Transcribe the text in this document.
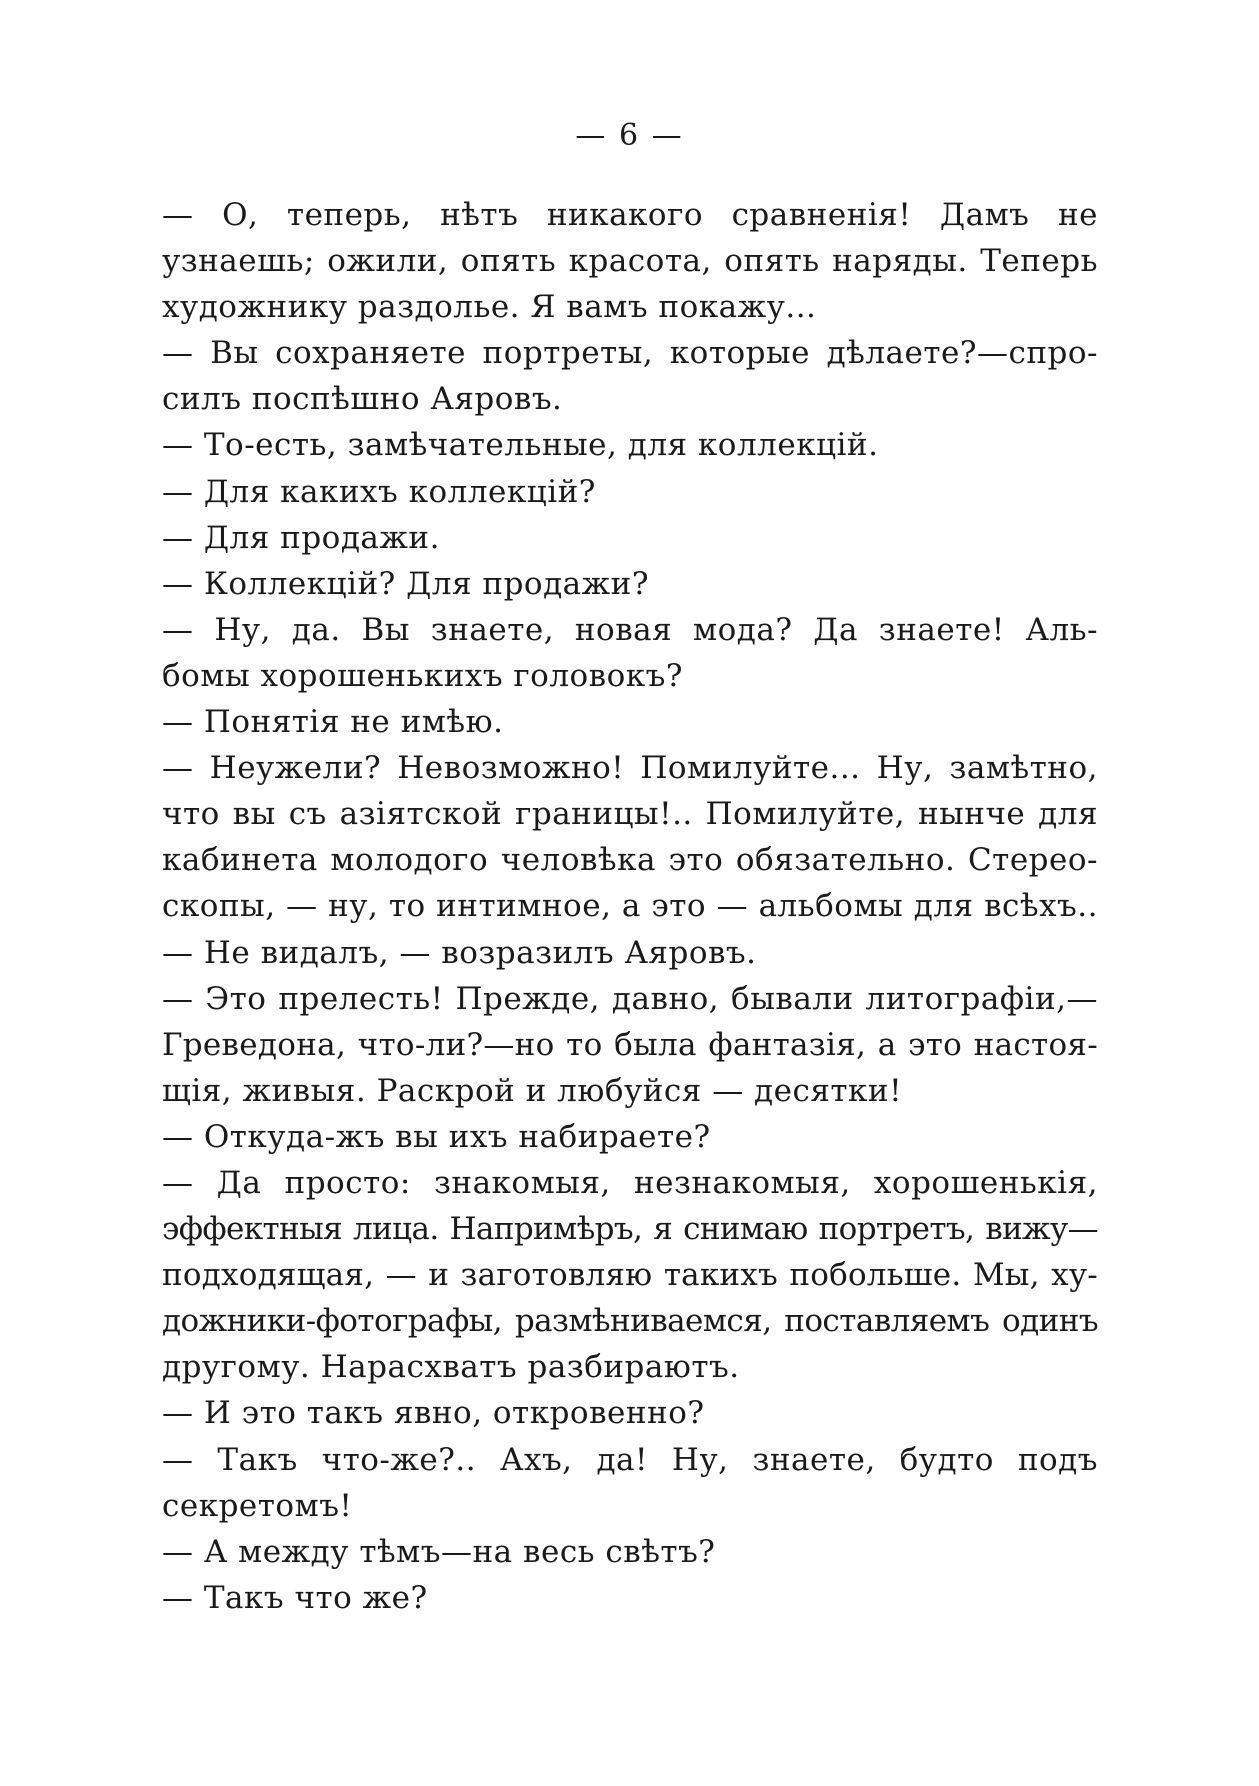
— 6 —
— О, теперь, нѣтъ никакого сравненія! Дамъ не
узнаешь; ожили, опять красота, опять наряды. Теперь
художнику раздолье. Я вамъ покажу...
— Вы сохраняете портреты, которые дѣлаете?—спро-
силъ поспѣшно Аяровъ.
— То-есть, замѣчательные, для коллекцій.
— Для какихъ коллекцій?
— Для продажи.
— Коллекцій? Для продажи?
— Ну, да. Вы знаете, новая мода? Да знаете! Аль-
бомы хорошенькихъ головокъ?
— Понятія не имѣю.
— Неужели? Невозможно! Помилуйте... Ну, замѣтно,
что вы съ азіятской границы!.. Помилуйте, нынче для
кабинета молодого человѣка это обязательно. Стерео-
скопы, — ну, то интимное, а это — альбомы для всѣхъ..
— Не видалъ, — возразилъ Аяровъ.
— Это прелесть! Прежде, давно, бывали литографіи,—
Греведона, что-ли?—но то была фантазія, а это настоя-
щія, живыя. Раскрой и любуйся — десятки!
— Откуда-жъ вы ихъ набираете?
— Да просто: знакомыя, незнакомыя, хорошенькія,
эффектныя лица. Напримѣръ, я снимаю портретъ, вижу—
подходящая, — и заготовляю такихъ побольше. Мы, ху-
дожники-фотографы, размѣниваемся, поставляемъ одинъ
другому. Нарасхватъ разбираютъ.
— И это такъ явно, откровенно?
— Такъ что-же?.. Ахъ, да! Ну, знаете, будто подъ
секретомъ!
— А между тѣмъ—на весь свѣтъ?
— Такъ что же?
